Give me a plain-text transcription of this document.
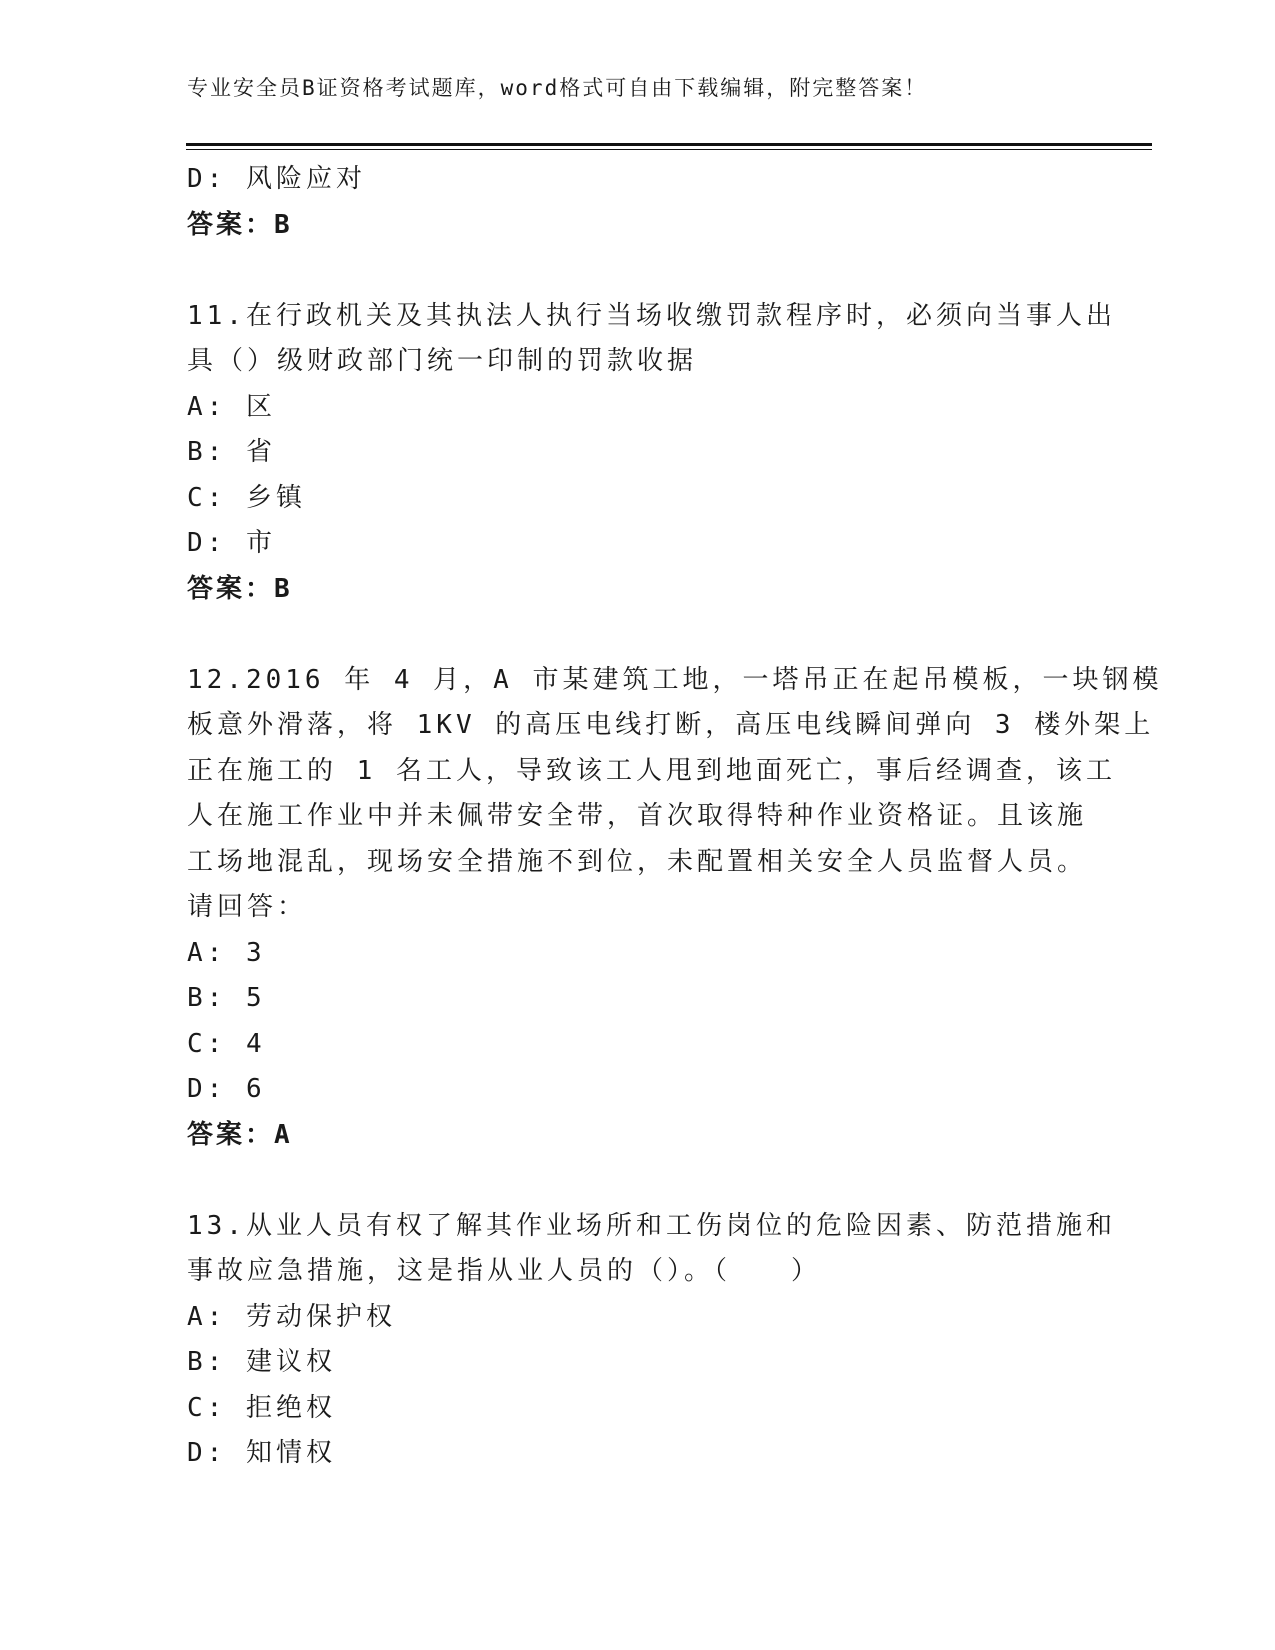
专业安全员B证资格考试题库，word格式可自由下载编辑，附完整答案！
D: 风险应对
答案：B
11.在行政机关及其执法人执行当场收缴罚款程序时，必须向当事人出
具（）级财政部门统一印制的罚款收据
A: 区
B: 省
C: 乡镇
D: 市
答案：B
12.2016 年 4 月，A 市某建筑工地，一塔吊正在起吊模板，一块钢模
板意外滑落，将 1KV 的高压电线打断，高压电线瞬间弹向 3 楼外架上
正在施工的 1 名工人，导致该工人甩到地面死亡，事后经调查，该工
人在施工作业中并未佩带安全带，首次取得特种作业资格证。且该施
工场地混乱，现场安全措施不到位，未配置相关安全人员监督人员。
请回答：
A: 3
B: 5
C: 4
D: 6
答案：A
13.从业人员有权了解其作业场所和工伤岗位的危险因素、防范措施和
事故应急措施，这是指从业人员的（）。（　　）
A: 劳动保护权
B: 建议权
C: 拒绝权
D: 知情权
